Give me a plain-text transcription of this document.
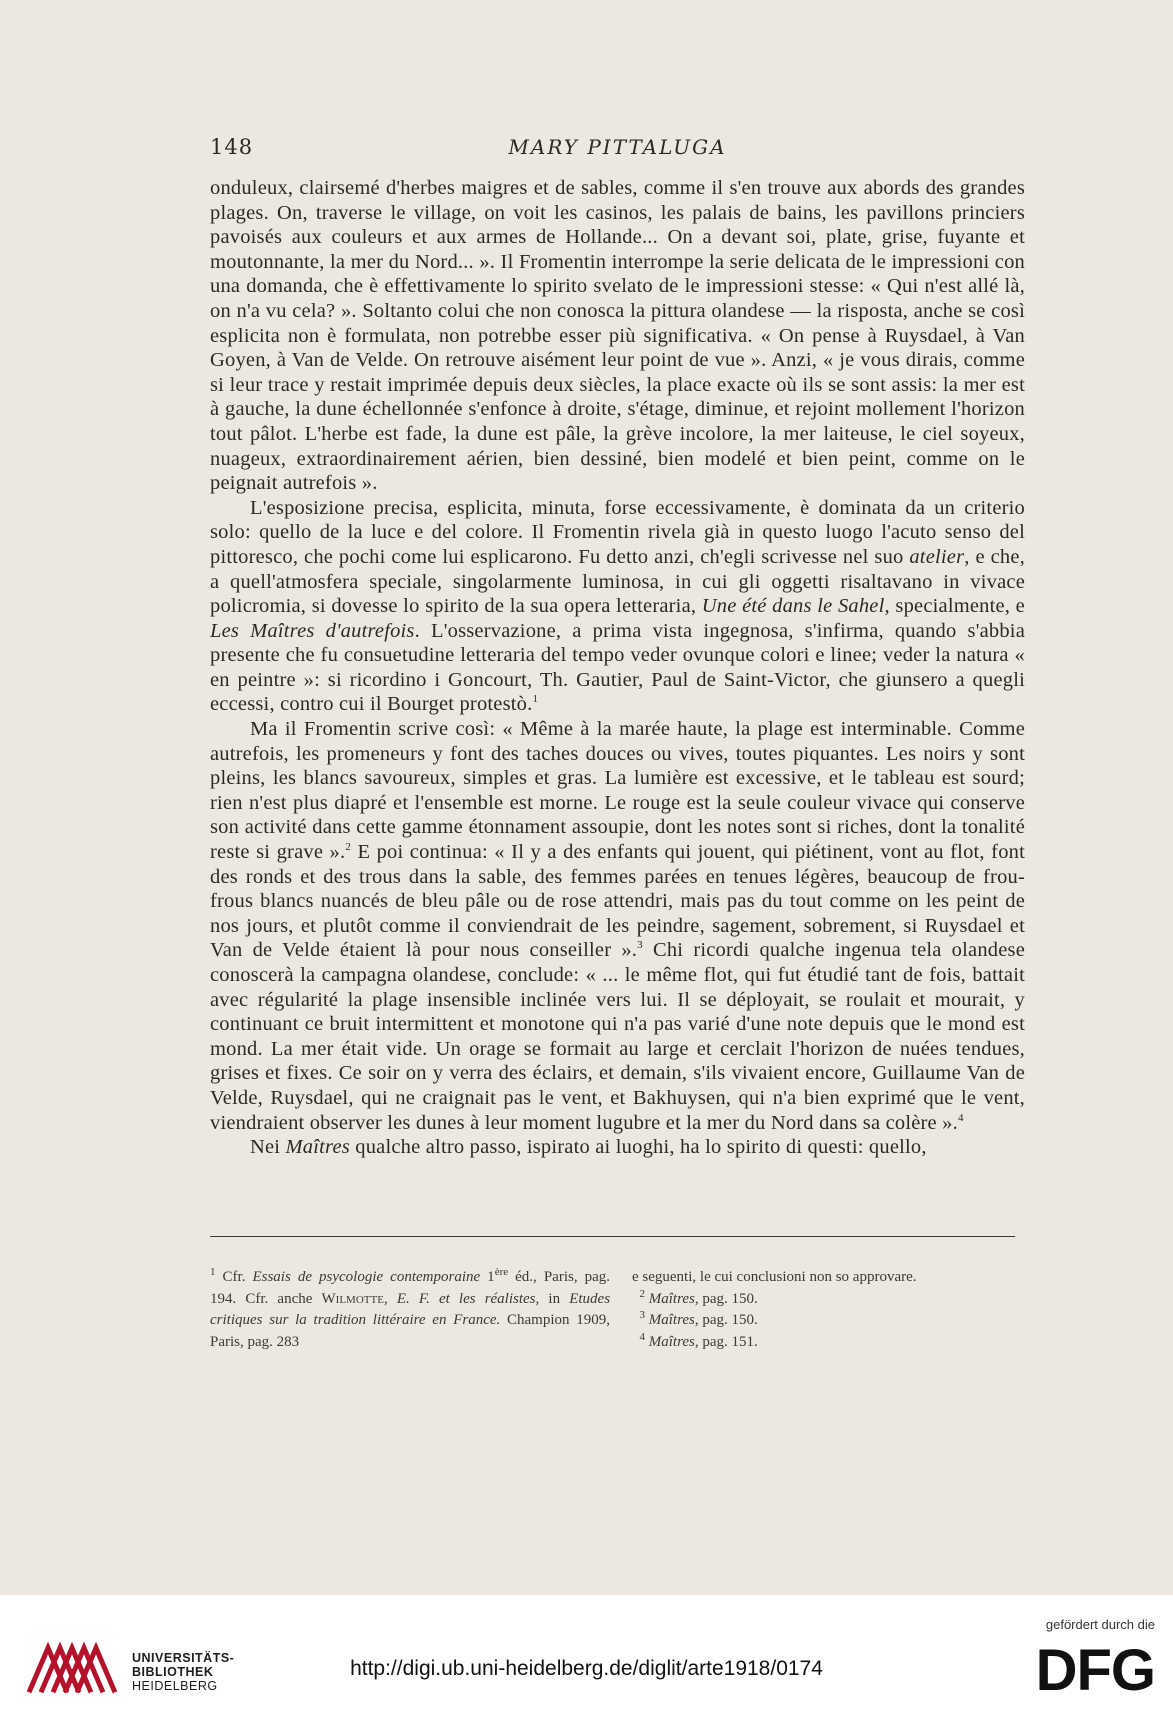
148	MARY PITTALUGA

onduleux, clairsemé d'herbes maigres et de sables, comme il s'en trouve aux abords des grandes plages. On, traverse le village, on voit les casinos, les palais de bains, les pavillons princiers pavoisés aux couleurs et aux armes de Hollande... On a devant soi, plate, grise, fuyante et moutonnante, la mer du Nord... ». Il Fromentin interrompe la serie delicata de le impressioni con una domanda, che è effettivamente lo spirito svelato de le impressioni stesse: « Qui n'est allé là, on n'a vu cela? ». Soltanto colui che non conosca la pittura olandese — la risposta, anche se così esplicita non è formulata, non potrebbe esser più significativa. « On pense à Ruysdael, à Van Goyen, à Van de Velde. On retrouve aisément leur point de vue ». Anzi, « je vous dirais, comme si leur trace y restait imprimée depuis deux siècles, la place exacte où ils se sont assis: la mer est à gauche, la dune échellonnée s'enfonce à droite, s'étage, diminue, et rejoint mollement l'horizon tout pâlot. L'herbe est fade, la dune est pâle, la grève incolore, la mer laiteuse, le ciel soyeux, nuageux, extraordinairement aérien, bien dessiné, bien modelé et bien peint, comme on le peignait autrefois ».

L'esposizione precisa, esplicita, minuta, forse eccessivamente, è dominata da un criterio solo: quello de la luce e del colore. Il Fromentin rivela già in questo luogo l'acuto senso del pittoresco, che pochi come lui esplicarono. Fu detto anzi, ch'egli scrivesse nel suo atelier, e che, a quell'atmosfera speciale, singolarmente luminosa, in cui gli oggetti risaltavano in vivace policromia, si dovesse lo spirito de la sua opera letteraria, Une été dans le Sahel, specialmente, e Les Maîtres d'autrefois. L'osservazione, a prima vista ingegnosa, s'infirma, quando s'abbia presente che fu consuetudine letteraria del tempo veder ovunque colori e linee; veder la natura « en peintre »: si ricordino i Goncourt, Th. Gautier, Paul de Saint-Victor, che giunsero a quegli eccessi, contro cui il Bourget protestò.$^1$

Ma il Fromentin scrive così: « Même à la marée haute, la plage est interminable. Comme autrefois, les promeneurs y font des taches douces ou vives, toutes piquantes. Les noirs y sont pleins, les blancs savoureux, simples et gras. La lumière est excessive, et le tableau est sourd; rien n'est plus diapré et l'ensemble est morne. Le rouge est la seule couleur vivace qui conserve son activité dans cette gamme étonnament assoupie, dont les notes sont si riches, dont la tonalité reste si grave ».$^2$ E poi continua: « Il y a des enfants qui jouent, qui piétinent, vont au flot, font des ronds et des trous dans la sable, des femmes parées en tenues légères, beaucoup de frou-frous blancs nuancés de bleu pâle ou de rose attendri, mais pas du tout comme on les peint de nos jours, et plutôt comme il conviendrait de les peindre, sagement, sobrement, si Ruysdael et Van de Velde étaient là pour nous conseiller ».$^3$ Chi ricordi qualche ingenua tela olandese conoscerà la campagna olandese, conclude: « ... le même flot, qui fut étudié tant de fois, battait avec régularité la plage insensible inclinée vers lui. Il se déployait, se roulait et mourait, y continuant ce bruit intermittent et monotone qui n'a pas varié d'une note depuis que le mond est mond. La mer était vide. Un orage se formait au large et cerclait l'horizon de nuées tendues, grises et fixes. Ce soir on y verra des éclairs, et demain, s'ils vivaient encore, Guillaume Van de Velde, Ruysdael, qui ne craignait pas le vent, et Bakhuysen, qui n'a bien exprimé que le vent, viendraient observer les dunes à leur moment lugubre et la mer du Nord dans sa colère ».$^4$

Nei Maîtres qualche altro passo, ispirato ai luoghi, ha lo spirito di questi: quello,

$^1$ Cfr. Essais de psycologie contemporaine 1ère éd., Paris, pag. 194. Cfr. anche Wilmotte, E. F. et les réalistes, in Etudes critiques sur la tradition littéraire en France. Champion 1909, Paris, pag. 283
e seguenti, le cui conclusioni non so approvare.
$^2$ Maîtres, pag. 150.
$^3$ Maîtres, pag. 150.
$^4$ Maîtres, pag. 151.
UNIVERSITÄTS-
BIBLIOTHEK
HEIDELBERG
http://digi.ub.uni-heidelberg.de/diglit/arte1918/0174
gefördert durch die
DFG
